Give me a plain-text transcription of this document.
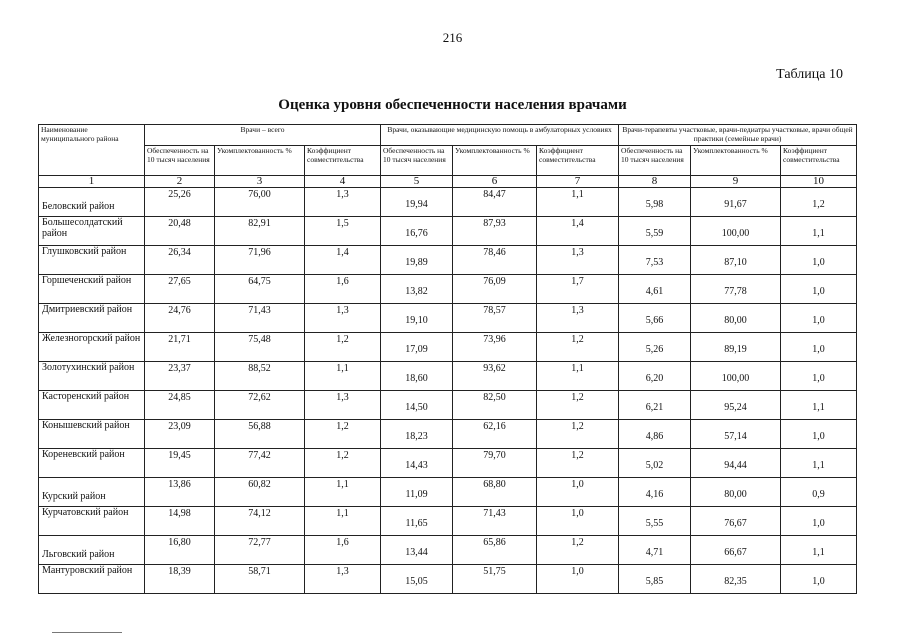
216
Таблица 10
Оценка уровня обеспеченности населения врачами
Наименование муниципального района	Врачи – всего			Врачи, оказывающие медицинскую помощь в амбулаторных условиях			Врачи-терапевты участковые, врачи-педиатры участковые, врачи общей практики (семейные врачи)		
	Обеспеченность на 10 тысяч населения	Укомплектованность %	Коэффициент совместительства	Обеспеченность на 10 тысяч населения	Укомплектованность %	Коэффициент совместительства	Обеспеченность на 10 тысяч населения	Укомплектованность %	Коэффициент совместительства
1	2	3	4	5	6	7	8	9	10

Беловский район	25,26	76,00	1,3	19,94	84,47	1,1	5,98	91,67	1,2

Большесолдатский район	20,48	82,91	1,5	16,76	87,93	1,4	5,59	100,00	1,1

Глушковский район	26,34	71,96	1,4	19,89	78,46	1,3	7,53	87,10	1,0

Горшеченский район	27,65	64,75	1,6	13,82	76,09	1,7	4,61	77,78	1,0

Дмитриевский район	24,76	71,43	1,3	19,10	78,57	1,3	5,66	80,00	1,0

Железногорский район	21,71	75,48	1,2	17,09	73,96	1,2	5,26	89,19	1,0

Золотухинский район	23,37	88,52	1,1	18,60	93,62	1,1	6,20	100,00	1,0

Касторенский район	24,85	72,62	1,3	14,50	82,50	1,2	6,21	95,24	1,1

Конышевский район	23,09	56,88	1,2	18,23	62,16	1,2	4,86	57,14	1,0

Кореневский район	19,45	77,42	1,2	14,43	79,70	1,2	5,02	94,44	1,1

Курский район	13,86	60,82	1,1	11,09	68,80	1,0	4,16	80,00	0,9

Курчатовский район	14,98	74,12	1,1	11,65	71,43	1,0	5,55	76,67	1,0

Льговский район	16,80	72,77	1,6	13,44	65,86	1,2	4,71	66,67	1,1

Мантуровский район	18,39	58,71	1,3	15,05	51,75	1,0	5,85	82,35	1,0
